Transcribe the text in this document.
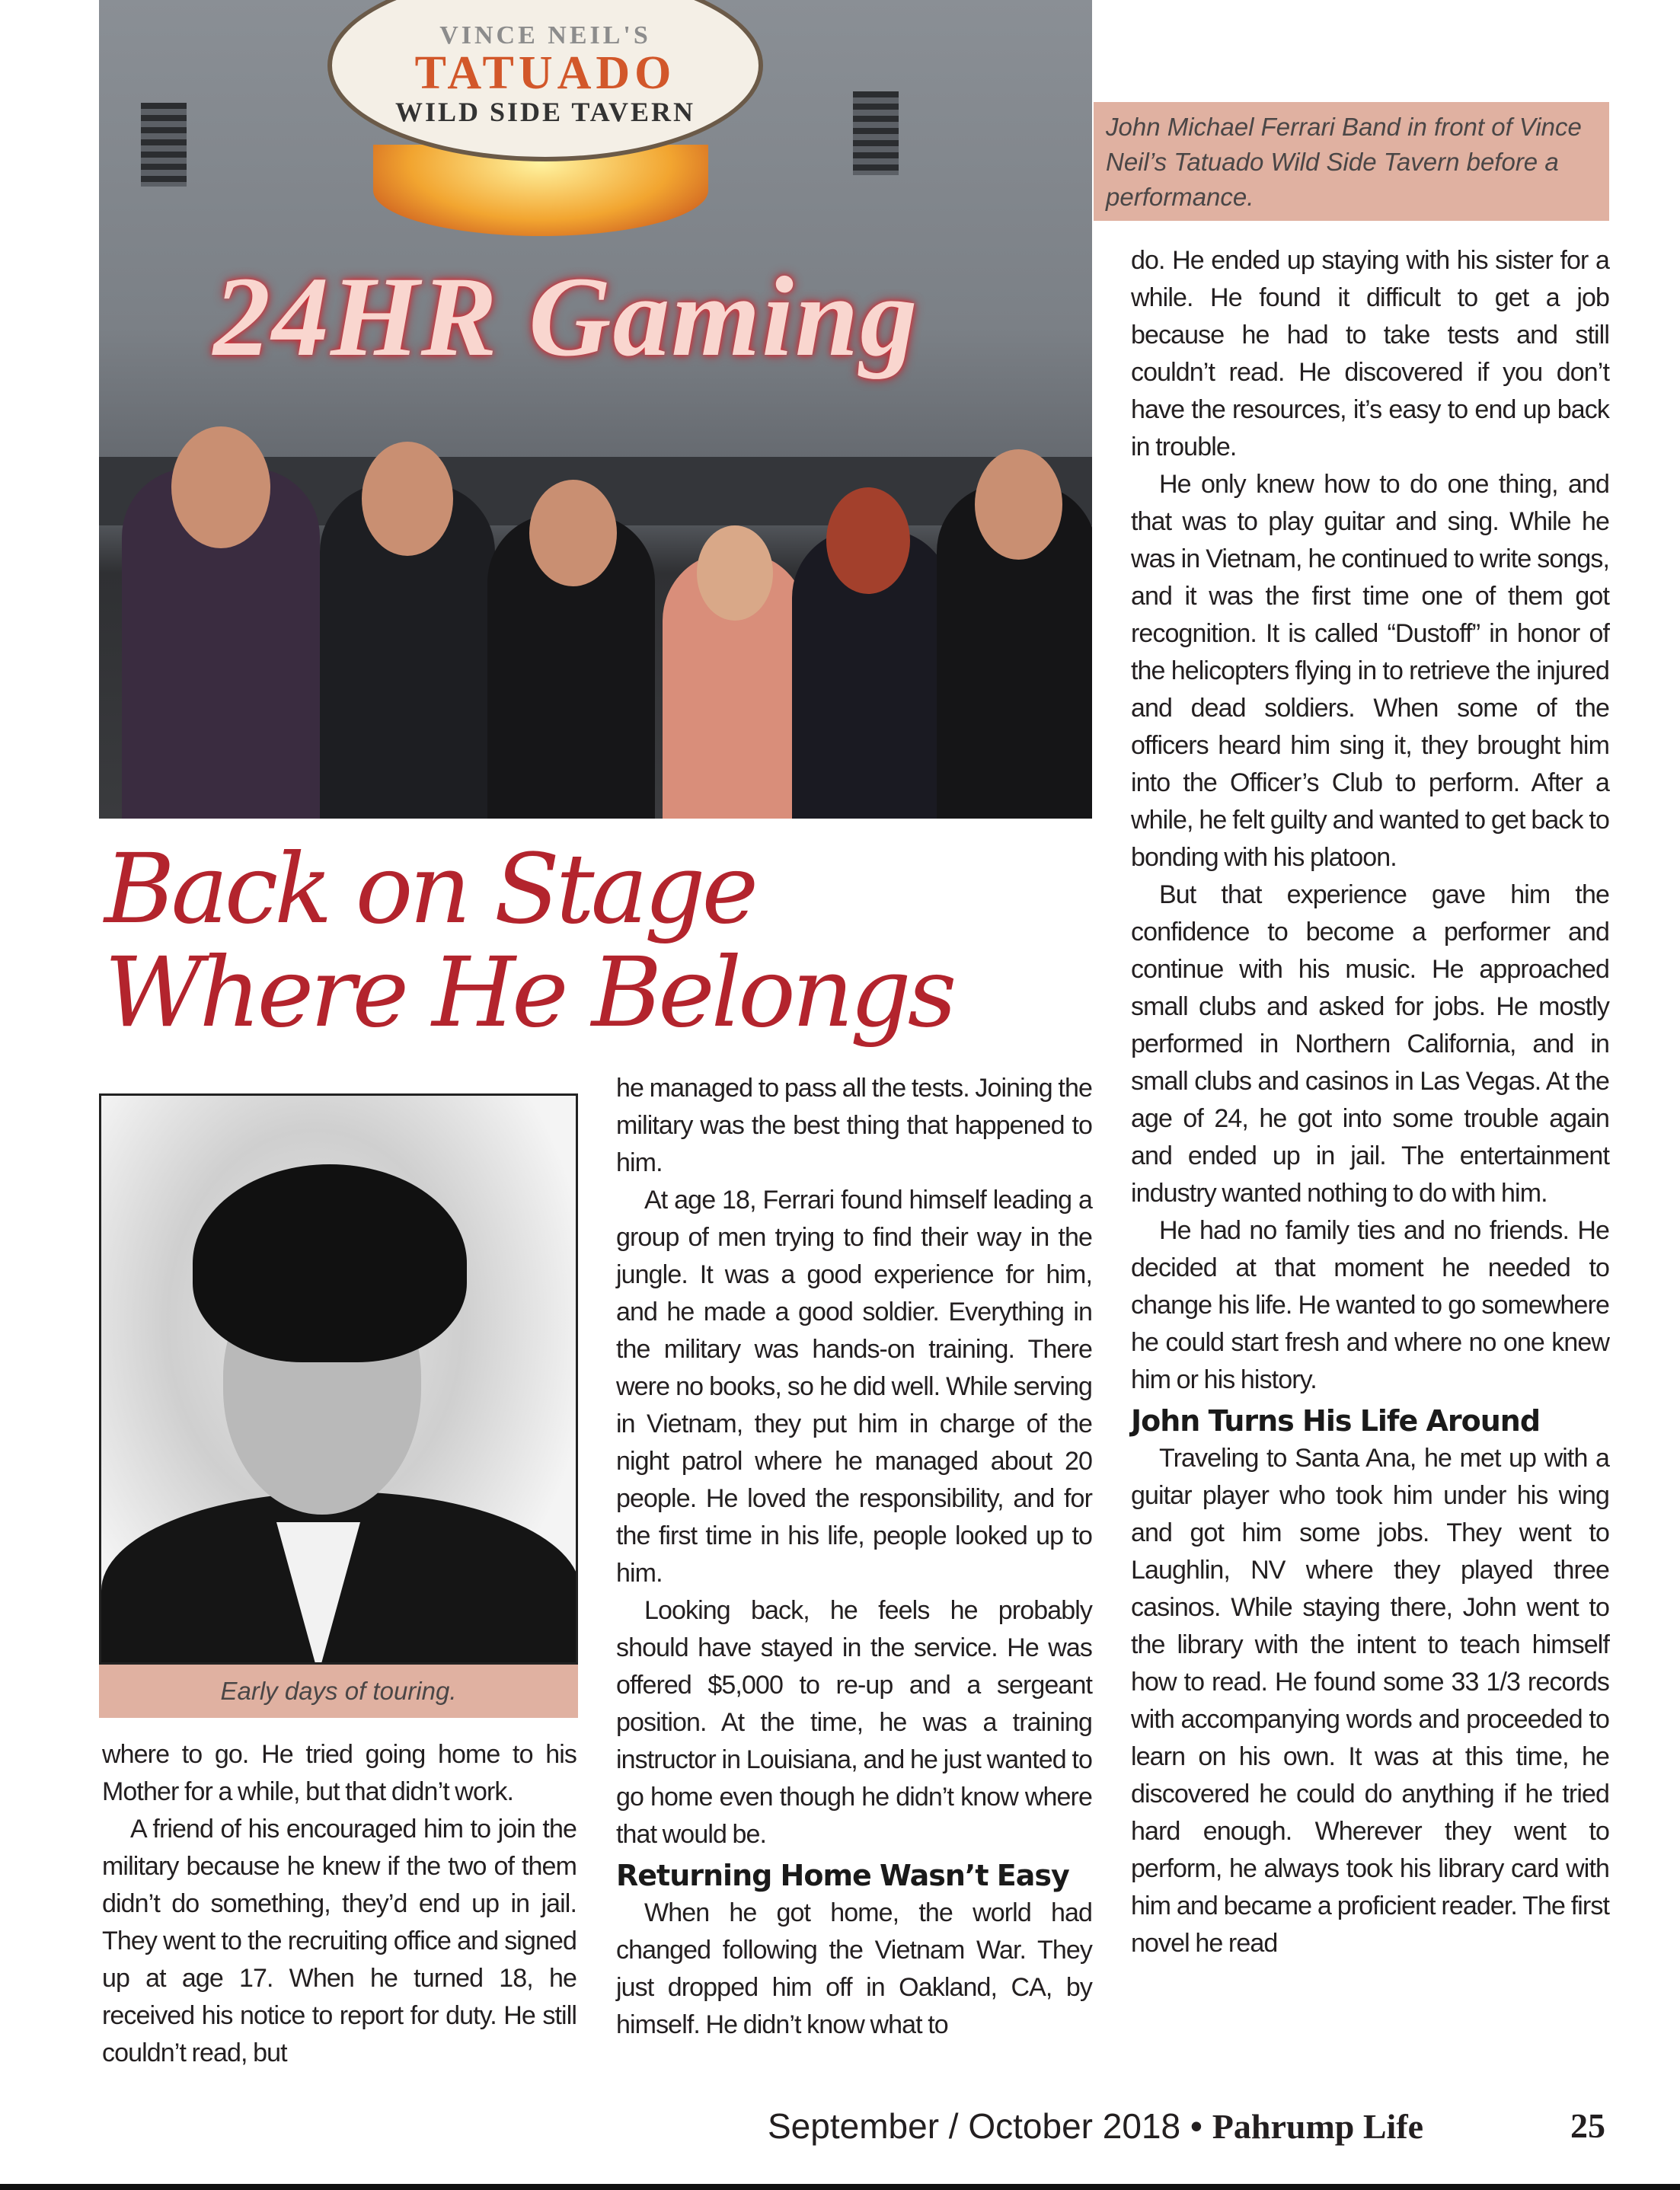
VINCE NEIL'S
TATUADO
WILD SIDE TAVERN
24HR Gaming
John Michael Ferrari Band in front of Vince Neil’s Tatuado Wild Side Tavern before a performance.
Back on Stage
Where He Belongs
Early days of touring.

where to go. He tried going home to his Mother for a while, but that didn’t work.

A friend of his encouraged him to join the military because he knew if the two of them didn’t do something, they’d end up in jail. They went to the recruiting office and signed up at age 17. When he turned 18, he received his notice to report for duty. He still couldn’t read, but

he managed to pass all the tests. Joining the military was the best thing that happened to him.

At age 18, Ferrari found himself leading a group of men trying to find their way in the jungle. It was a good experience for him, and he made a good soldier. Everything in the military was hands-on training. There were no books, so he did well. While serving in Vietnam, they put him in charge of the night patrol where he managed about 20 people. He loved the responsibility, and for the first time in his life, people looked up to him.

Looking back, he feels he probably should have stayed in the service. He was offered $5,000 to re-up and a sergeant position. At the time, he was a training instructor in Louisiana, and he just wanted to go home even though he didn’t know where that would be.

Returning Home Wasn’t Easy

When he got home, the world had changed following the Vietnam War. They just dropped him off in Oakland, CA, by himself. He didn’t know what to

do. He ended up staying with his sister for a while. He found it difficult to get a job because he had to take tests and still couldn’t read. He discovered if you don’t have the resources, it’s easy to end up back in trouble.

He only knew how to do one thing, and that was to play guitar and sing. While he was in Vietnam, he continued to write songs, and it was the first time one of them got recognition. It is called “Dustoff” in honor of the helicopters flying in to retrieve the injured and dead soldiers. When some of the officers heard him sing it, they brought him into the Officer’s Club to perform. After a while, he felt guilty and wanted to get back to bonding with his platoon.

But that experience gave him the confidence to become a performer and continue with his music. He approached small clubs and asked for jobs. He mostly performed in Northern California, and in small clubs and casinos in Las Vegas. At the age of 24, he got into some trouble again and ended up in jail. The entertainment industry wanted nothing to do with him.

He had no family ties and no friends. He decided at that moment he needed to change his life. He wanted to go somewhere he could start fresh and where no one knew him or his history.

John Turns His Life Around

Traveling to Santa Ana, he met up with a guitar player who took him under his wing and got him some jobs. They went to Laughlin, NV where they played three casinos. While staying there, John went to the library with the intent to teach himself how to read. He found some 33 1/3 records with accompanying words and proceeded to learn on his own. It was at this time, he discovered he could do anything if he tried hard enough. Wherever they went to perform, he always took his library card with him and became a proficient reader. The first novel he read

September / October 2018 • Pahrump Life	25
